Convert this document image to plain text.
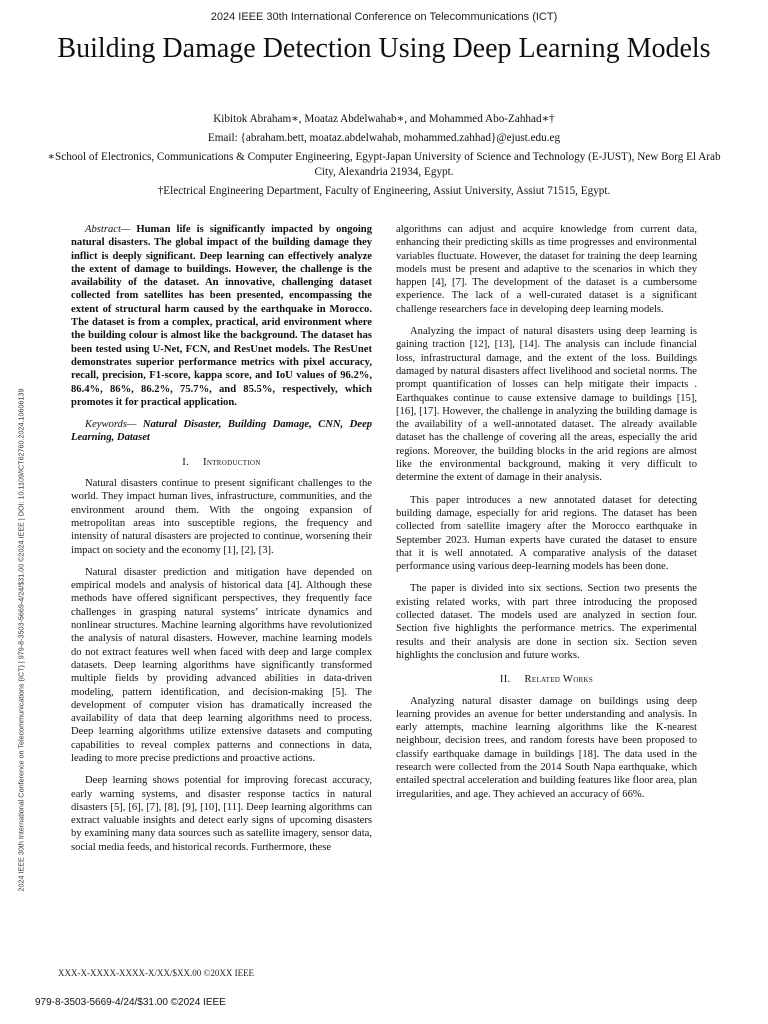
2024 IEEE 30th International Conference on Telecommunications (ICT)
Building Damage Detection Using Deep Learning Models
Kibitok Abraham∗, Moataz Abdelwahab∗, and Mohammed Abo-Zahhad∗†
Email: {abraham.bett, moataz.abdelwahab, mohammed.zahhad}@ejust.edu.eg
∗School of Electronics, Communications & Computer Engineering, Egypt-Japan University of Science and Technology (E-JUST), New Borg El Arab City, Alexandria 21934, Egypt.
†Electrical Engineering Department, Faculty of Engineering, Assiut University, Assiut 71515, Egypt.
2024 IEEE 30th International Conference on Telecommunications (ICT) | 979-8-3503-5669-4/24/$31.00 ©2024 IEEE | DOI: 10.1109/ICT62760.2024.10606139

Abstract— Human life is significantly impacted by ongoing natural disasters. The global impact of the building damage they inflict is deeply significant. Deep learning can effectively analyze the extent of damage to buildings. However, the challenge is the availability of the dataset. An innovative, challenging dataset collected from satellites has been presented, encompassing the extent of structural harm caused by the earthquake in Morocco. The dataset is from a complex, practical, arid environment where the building colour is almost like the background. The dataset has been tested using U-Net, FCN, and ResUnet models. The ResUnet demonstrates superior performance metrics with pixel accuracy, recall, precision, F1-score, kappa score, and IoU values of 96.2%, 86.4%, 86%, 86.2%, 75.7%, and 85.5%, respectively, which promotes it for practical application.

Keywords— Natural Disaster, Building Damage, CNN, Deep Learning, Dataset

I. Introduction

Natural disasters continue to present significant challenges to the world. They impact human lives, infrastructure, communities, and the environment around them. With the ongoing expansion of metropolitan areas into susceptible regions, the frequency and intensity of natural disasters are projected to continue, worsening their impact on society and the economy [1], [2], [3].

Natural disaster prediction and mitigation have depended on empirical models and analysis of historical data [4]. Although these methods have offered significant perspectives, they frequently face challenges in grasping natural systems’ intricate dynamics and nonlinear structures. Machine learning algorithms have revolutionized the analysis of natural disasters. However, machine learning models do not extract features well when faced with deep and large complex datasets. Deep learning algorithms have significantly transformed multiple fields by providing advanced abilities in data-driven modeling, pattern identification, and decision-making [5]. The development of computer vision has dramatically increased the availability of data that deep learning algorithms need to process. Deep learning algorithms utilize extensive datasets and computing capabilities to reveal complex patterns and connections in data, leading to more precise predictions and proactive actions.

Deep learning shows potential for improving forecast accuracy, early warning systems, and disaster response tactics in natural disasters [5], [6], [7], [8], [9], [10], [11]. Deep learning algorithms can extract valuable insights and detect early signs of upcoming disasters by examining many data sources such as satellite imagery, sensor data, social media feeds, and historical records. Furthermore, these

algorithms can adjust and acquire knowledge from current data, enhancing their predicting skills as time progresses and environmental variables fluctuate. However, the dataset for training the deep learning models must be present and adaptive to the scenarios in which they happen [4], [7]. The development of the dataset is a cumbersome experience. The lack of a well-curated dataset is a significant challenge researchers face in developing deep learning models.

Analyzing the impact of natural disasters using deep learning is gaining traction [12], [13], [14]. The analysis can include financial loss, infrastructural damage, and the extent of the loss. Buildings damaged by natural disasters affect livelihood and societal norms. The prompt quantification of losses can help mitigate their impacts . Earthquakes continue to cause extensive damage to buildings [15], [16], [17]. However, the challenge in analyzing the building damage is the availability of a well-annotated dataset. The already available dataset has the challenge of covering all the areas, especially the arid regions. Moreover, the building blocks in the arid regions are almost like the environmental background, making it very difficult to determine the extent of damage in their analysis.

This paper introduces a new annotated dataset for detecting building damage, especially for arid regions. The dataset has been collected from satellite imagery after the Morocco earthquake in September 2023. Human experts have curated the dataset to ensure that it is well annotated. A comparative analysis of the dataset performance using various deep-learning models has been done.

The paper is divided into six sections. Section two presents the existing related works, with part three introducing the proposed collected dataset. The models used are analyzed in section four. Section five highlights the performance metrics. The experimental results and their analysis are done in section six. Section seven highlights the conclusion and future works.

II. Related Works

Analyzing natural disaster damage on buildings using deep learning provides an avenue for better understanding and analysis. In early attempts, machine learning algorithms like the K-nearest neighbour, decision trees, and random forests have been proposed to classify earthquake damage in buildings [18]. The data used in the research were collected from the 2014 South Napa earthquake, which entailed spectral acceleration and building features like floor area, plan irregularities, and age. They achieved an accuracy of 66%.

XXX-X-XXXX-XXXX-X/XX/$XX.00 ©20XX IEEE
979-8-3503-5669-4/24/$31.00 ©2024 IEEE
